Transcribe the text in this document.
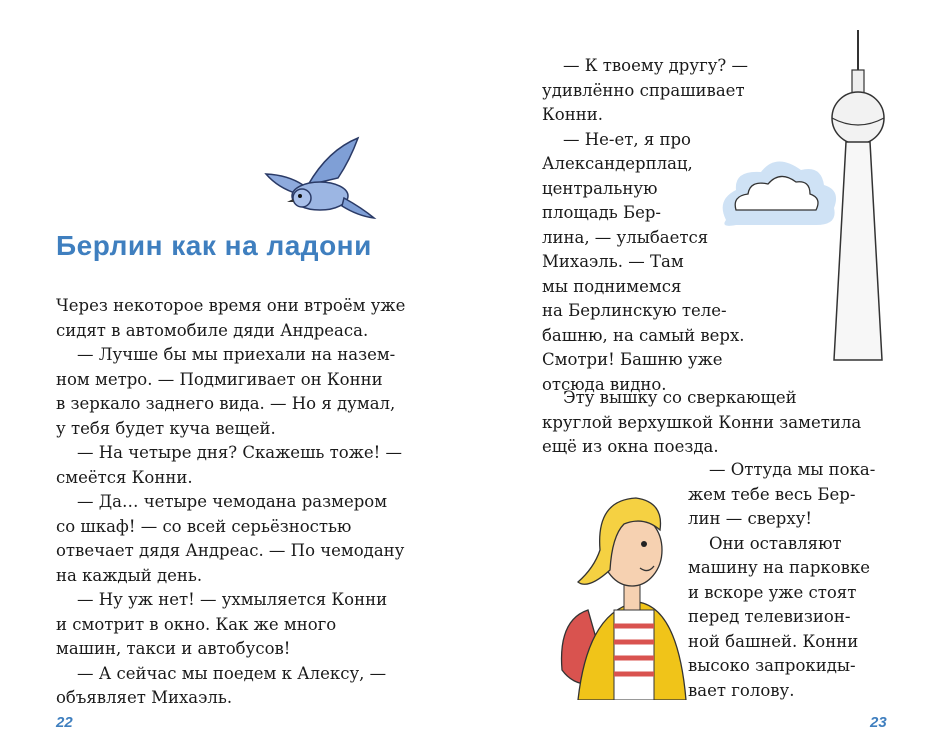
Берлин как на ладони

Через некоторое время они втроём уже
сидят в автомобиле дяди Андреаса.
— Лучше бы мы приехали на назем-
ном метро. — Подмигивает он Конни
в зеркало заднего вида. — Но я думал,
у тебя будет куча вещей.
— На четыре дня? Скажешь тоже! —
смеётся Конни.
— Да… четыре чемодана размером
со шкаф! — со всей серьёзностью
отвечает дядя Андреас. — По чемодану
на каждый день.
— Ну уж нет! — ухмыляется Конни
и смотрит в окно. Как же много
машин, такси и автобусов!
— А сейчас мы поедем к Алексу, —
объявляет Михаэль.

22

— К твоему другу? —
удивлённо спрашивает
Конни.
— Не-ет, я про
Александерплац,
центральную
площадь Бер-
лина, — улыбается
Михаэль. — Там
мы поднимемся
на Берлинскую теле-
башню, на самый верх.
Смотри! Башню уже
отсюда видно.

Эту вышку со сверкающей
круглой верхушкой Конни заметила
ещё из окна поезда.

— Оттуда мы пока-
жем тебе весь Бер-
лин — сверху!
Они оставляют
машину на парковке
и вскоре уже стоят
перед телевизион-
ной башней. Конни
высоко запрокиды-
вает голову.

23
